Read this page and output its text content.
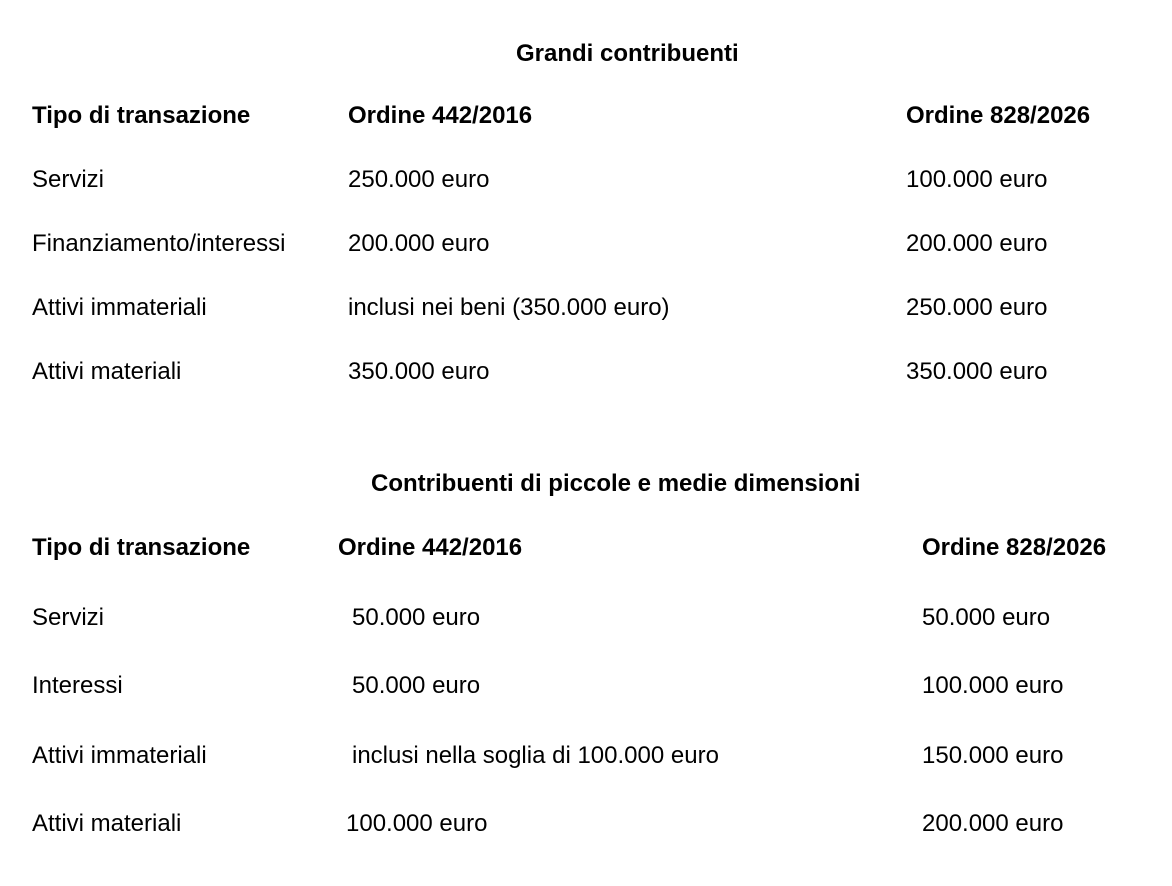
Grandi contribuenti
Tipo di transazione	Ordine 442/2016	Ordine 828/2026
Servizi	250.000 euro	100.000 euro
Finanziamento/interessi	200.000 euro	200.000 euro
Attivi immateriali	inclusi nei beni (350.000 euro)	250.000 euro
Attivi materiali	350.000 euro	350.000 euro
Contribuenti di piccole e medie dimensioni
Tipo di transazione	Ordine 442/2016	Ordine 828/2026
Servizi	50.000 euro	50.000 euro
Interessi	50.000 euro	100.000 euro
Attivi immateriali	inclusi nella soglia di 100.000 euro	150.000 euro
Attivi materiali	100.000 euro	200.000 euro
